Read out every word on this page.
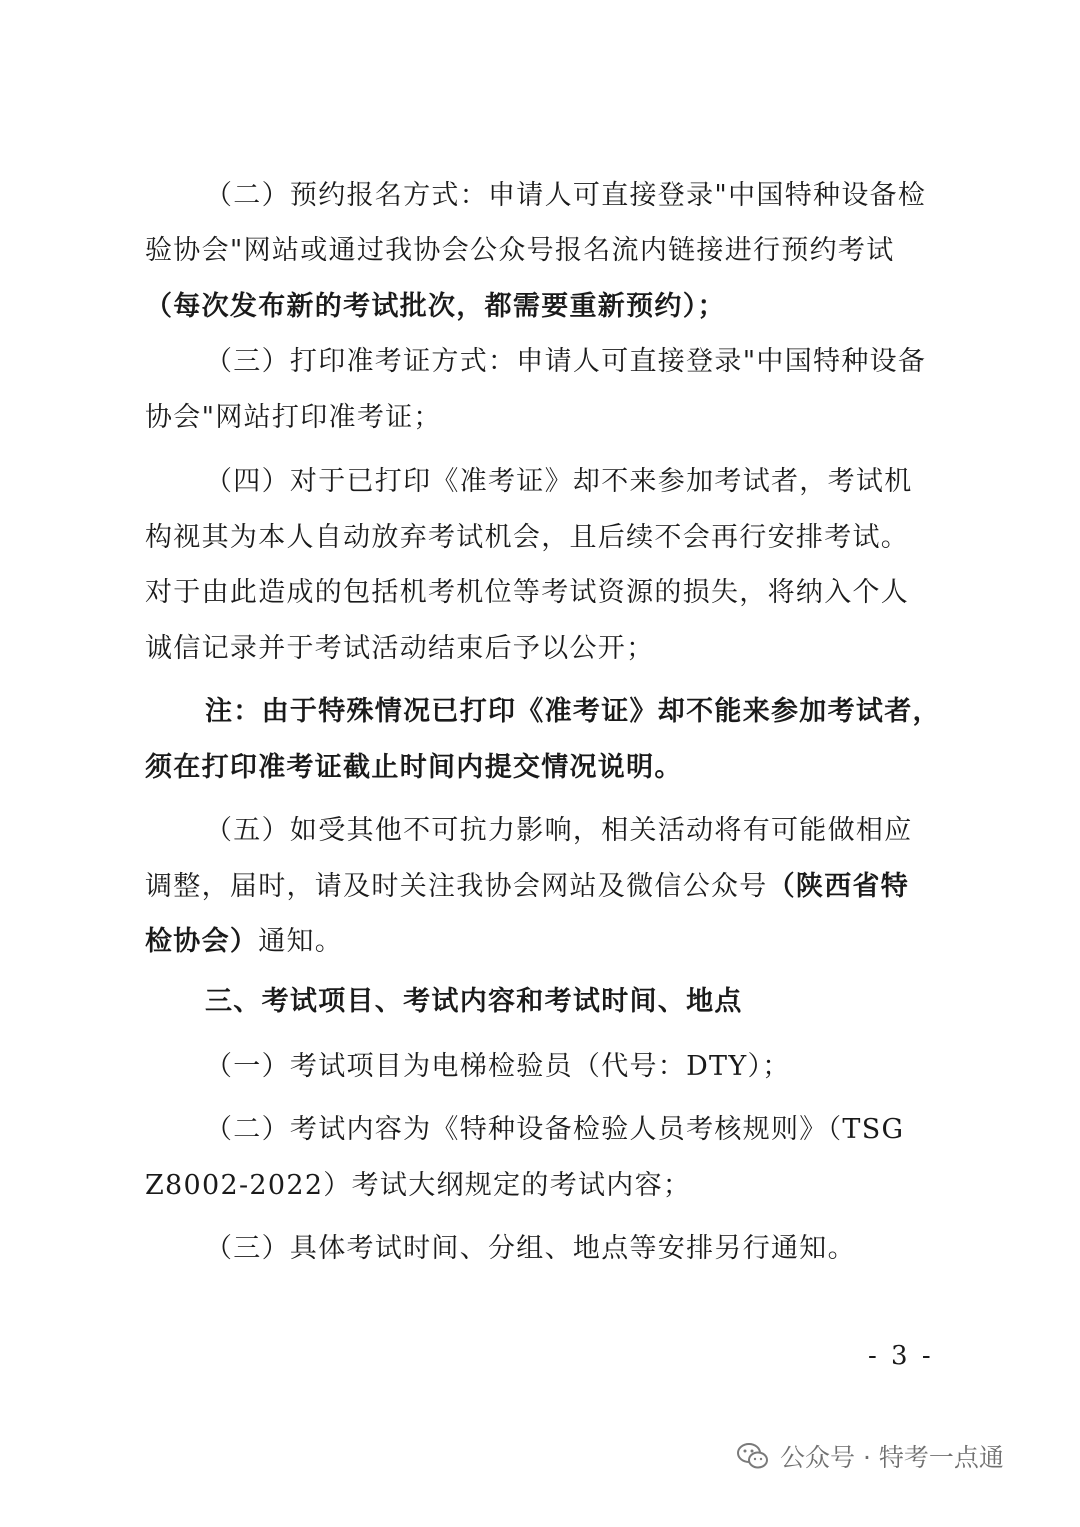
（二）预约报名方式：申请人可直接登录"中国特种设备检
验协会"网站或通过我协会公众号报名流内链接进行预约考试
（每次发布新的考试批次，都需要重新预约）；
（三）打印准考证方式：申请人可直接登录"中国特种设备
协会"网站打印准考证；
（四）对于已打印《准考证》却不来参加考试者，考试机
构视其为本人自动放弃考试机会，且后续不会再行安排考试。
对于由此造成的包括机考机位等考试资源的损失，将纳入个人
诚信记录并于考试活动结束后予以公开；
注：由于特殊情况已打印《准考证》却不能来参加考试者，
须在打印准考证截止时间内提交情况说明。
（五）如受其他不可抗力影响，相关活动将有可能做相应
调整，届时，请及时关注我协会网站及微信公众号（陕西省特
检协会）通知。
三、考试项目、考试内容和考试时间、地点
（一）考试项目为电梯检验员（代号：DTY）；
（二）考试内容为《特种设备检验人员考核规则》（TSG
Z8002-2022）考试大纲规定的考试内容；
（三）具体考试时间、分组、地点等安排另行通知。
- 3 -
公众号 · 特考一点通
